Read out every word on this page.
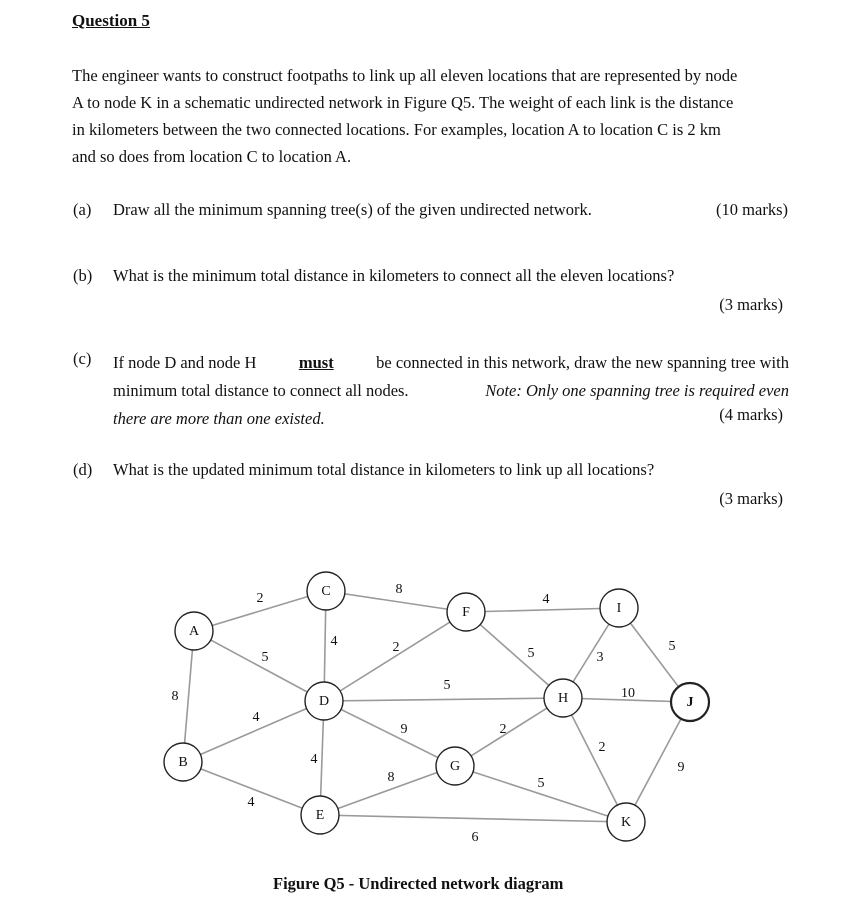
Question 5

The engineer wants to construct footpaths to link up all eleven locations that are represented by node

A to node K in a schematic undirected network in Figure Q5. The weight of each link is the distance

in kilometers between the two connected locations. For examples, location A to location C is 2 km

and so does from location C to location A.

(a) Draw all the minimum spanning tree(s) of the given undirected network.	(10 marks)
(b) What is the minimum total distance in kilometers to connect all the eleven locations?
(3 marks)
(c) If node D and node H	must	be connected in this network, draw the new spanning tree with
minimum total distance to connect all nodes.	Note: Only one spanning tree is required even
there are more than one existed.	(4 marks)
(d) What is the updated minimum total distance in kilometers to link up all locations?
(3 marks)
2
5
8
4
4
8
4	2
5
9
4
8
6
4
5
2
5
3
10
2
5
9
A
B
C
D
E
F
G
H
I
J
K
Figure Q5 - Undirected network diagram
